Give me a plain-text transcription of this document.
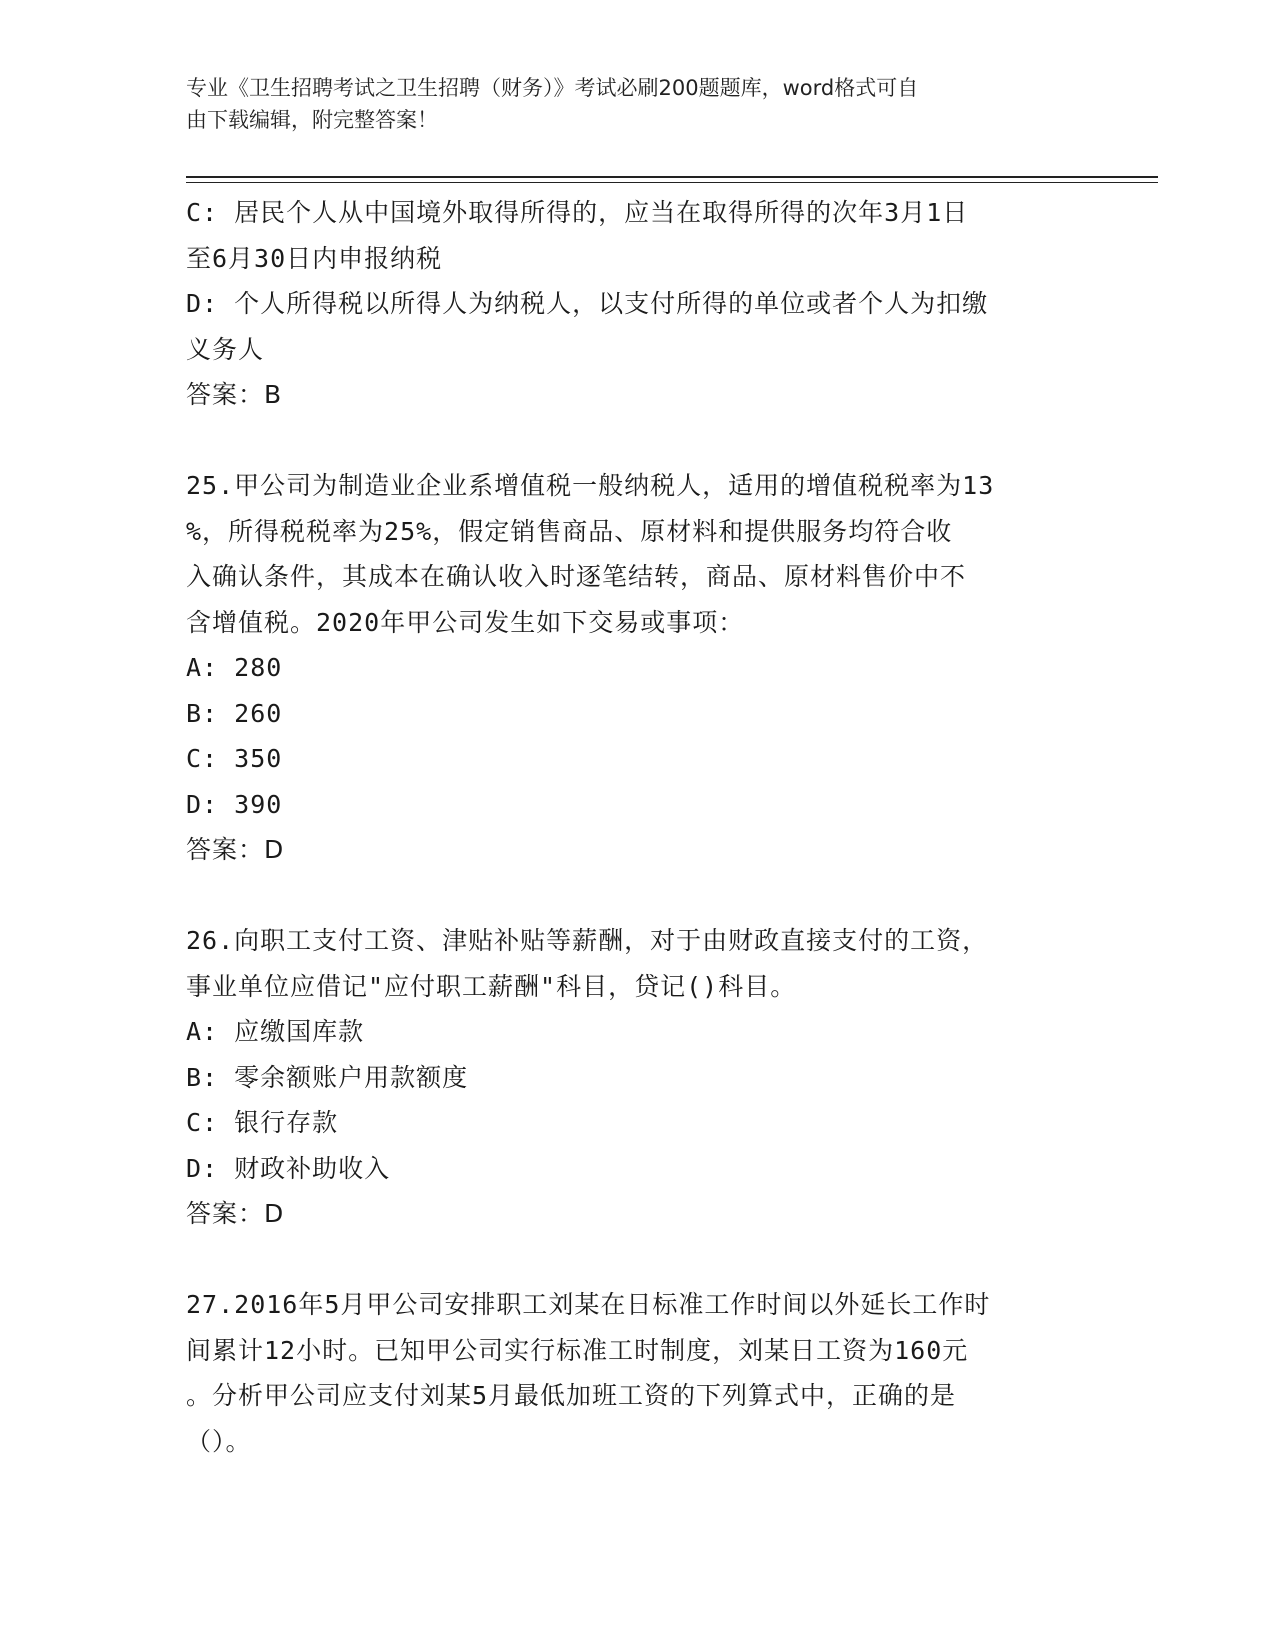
专业《卫生招聘考试之卫生招聘（财务）》考试必刷200题题库，word格式可自
由下载编辑，附完整答案！
C: 居民个人从中国境外取得所得的，应当在取得所得的次年3月1日
至6月30日内申报纳税
D: 个人所得税以所得人为纳税人，以支付所得的单位或者个人为扣缴
义务人
答案：B
25.甲公司为制造业企业系增值税一般纳税人，适用的增值税税率为13
%，所得税税率为25%，假定销售商品、原材料和提供服务均符合收
入确认条件，其成本在确认收入时逐笔结转，商品、原材料售价中不
含增值税。2020年甲公司发生如下交易或事项：
A: 280
B: 260
C: 350
D: 390
答案：D
26.向职工支付工资、津贴补贴等薪酬，对于由财政直接支付的工资，
事业单位应借记"应付职工薪酬"科目，贷记()科目。
A: 应缴国库款
B: 零余额账户用款额度
C: 银行存款
D: 财政补助收入
答案：D
27.2016年5月甲公司安排职工刘某在日标准工作时间以外延长工作时
间累计12小时。已知甲公司实行标准工时制度，刘某日工资为160元
。分析甲公司应支付刘某5月最低加班工资的下列算式中，正确的是
（）。
